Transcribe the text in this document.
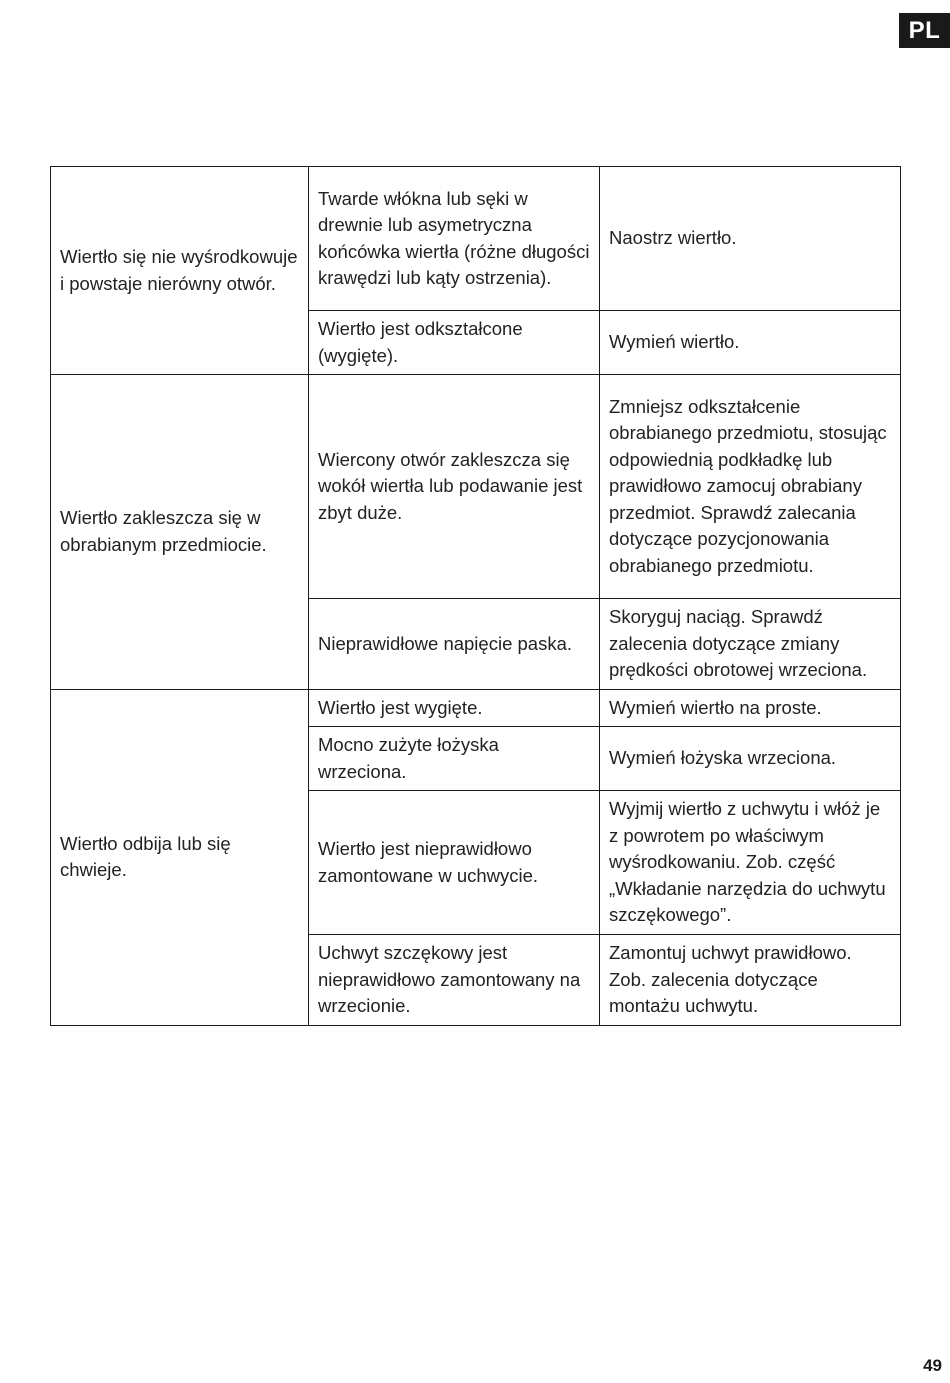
PL
Wiertło się nie wyśrodkowuje i powstaje nierówny otwór.	Twarde włókna lub sęki w drewnie lub asymetryczna końcówka wiertła (różne długości krawędzi lub kąty ostrzenia).	Naostrz wiertło.
	Wiertło jest odkształcone (wygięte).	Wymień wiertło.
Wiertło zakleszcza się w obrabianym przedmiocie.	Wiercony otwór zakleszcza się wokół wiertła lub podawanie jest zbyt duże.	Zmniejsz odkształcenie obrabianego przedmiotu, stosując odpowiednią podkładkę lub prawidłowo zamocuj obrabiany przedmiot. Sprawdź zalecania dotyczące pozycjonowania obrabianego przedmiotu.
	Nieprawidłowe napięcie paska.	Skoryguj naciąg. Sprawdź zalecenia dotyczące zmiany prędkości obrotowej wrzeciona.
Wiertło odbija lub się chwieje.	Wiertło jest wygięte.	Wymień wiertło na proste.
	Mocno zużyte łożyska wrzeciona.	Wymień łożyska wrzeciona.
	Wiertło jest nieprawidłowo zamontowane w uchwycie.	Wyjmij wiertło z uchwytu i włóż je z powrotem po właściwym wyśrodkowaniu. Zob. część „Wkładanie narzędzia do uchwytu szczękowego”.
	Uchwyt szczękowy jest nieprawidłowo zamontowany na wrzecionie.	Zamontuj uchwyt prawidłowo. Zob. zalecenia dotyczące montażu uchwytu.
49
